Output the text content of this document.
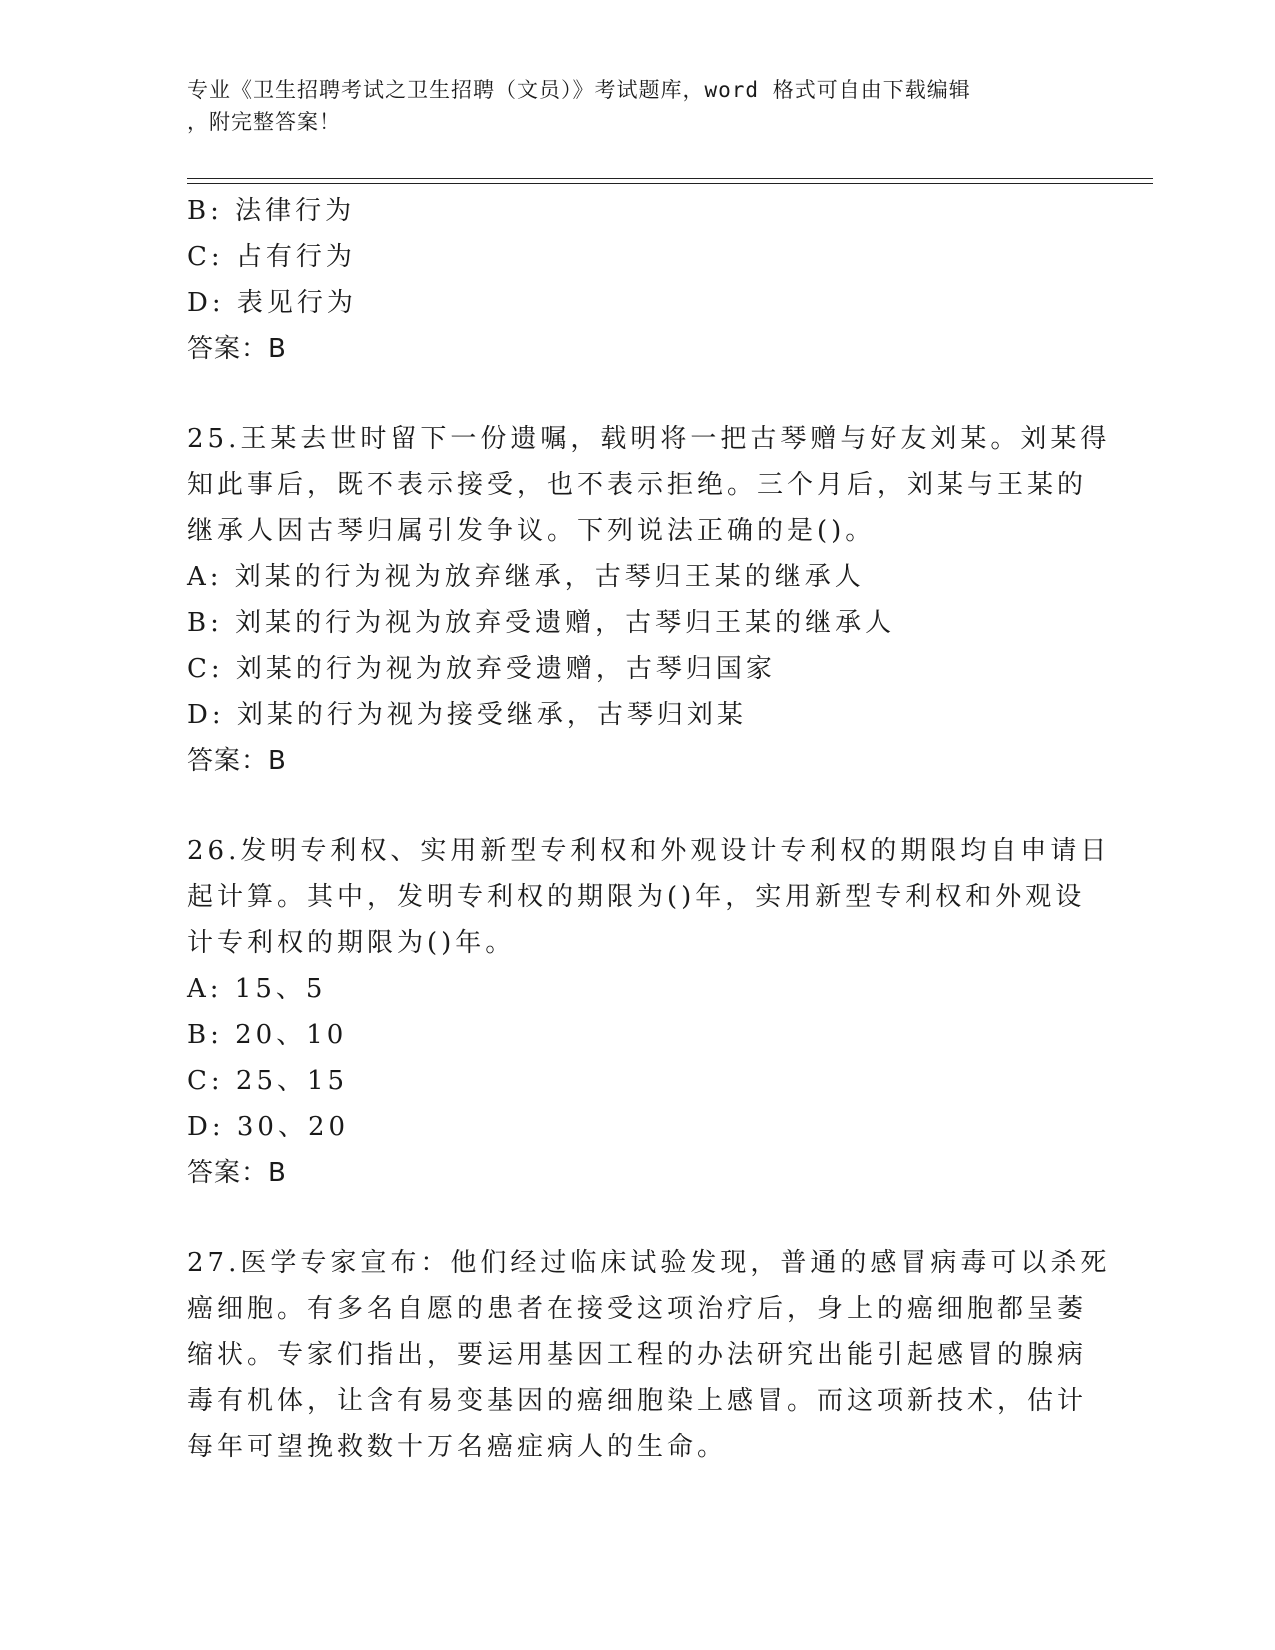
专业《卫生招聘考试之卫生招聘（文员）》考试题库，word 格式可自由下载编辑
，附完整答案！
B: 法律行为
C: 占有行为
D: 表见行为
答案：B
25.王某去世时留下一份遗嘱，载明将一把古琴赠与好友刘某。刘某得
知此事后，既不表示接受，也不表示拒绝。三个月后，刘某与王某的
继承人因古琴归属引发争议。下列说法正确的是()。
A: 刘某的行为视为放弃继承，古琴归王某的继承人
B: 刘某的行为视为放弃受遗赠，古琴归王某的继承人
C: 刘某的行为视为放弃受遗赠，古琴归国家
D: 刘某的行为视为接受继承，古琴归刘某
答案：B
26.发明专利权、实用新型专利权和外观设计专利权的期限均自申请日
起计算。其中，发明专利权的期限为()年，实用新型专利权和外观设
计专利权的期限为()年。
A: 15、5
B: 20、10
C: 25、15
D: 30、20
答案：B
27.医学专家宣布：他们经过临床试验发现，普通的感冒病毒可以杀死
癌细胞。有多名自愿的患者在接受这项治疗后，身上的癌细胞都呈萎
缩状。专家们指出，要运用基因工程的办法研究出能引起感冒的腺病
毒有机体，让含有易变基因的癌细胞染上感冒。而这项新技术，估计
每年可望挽救数十万名癌症病人的生命。
